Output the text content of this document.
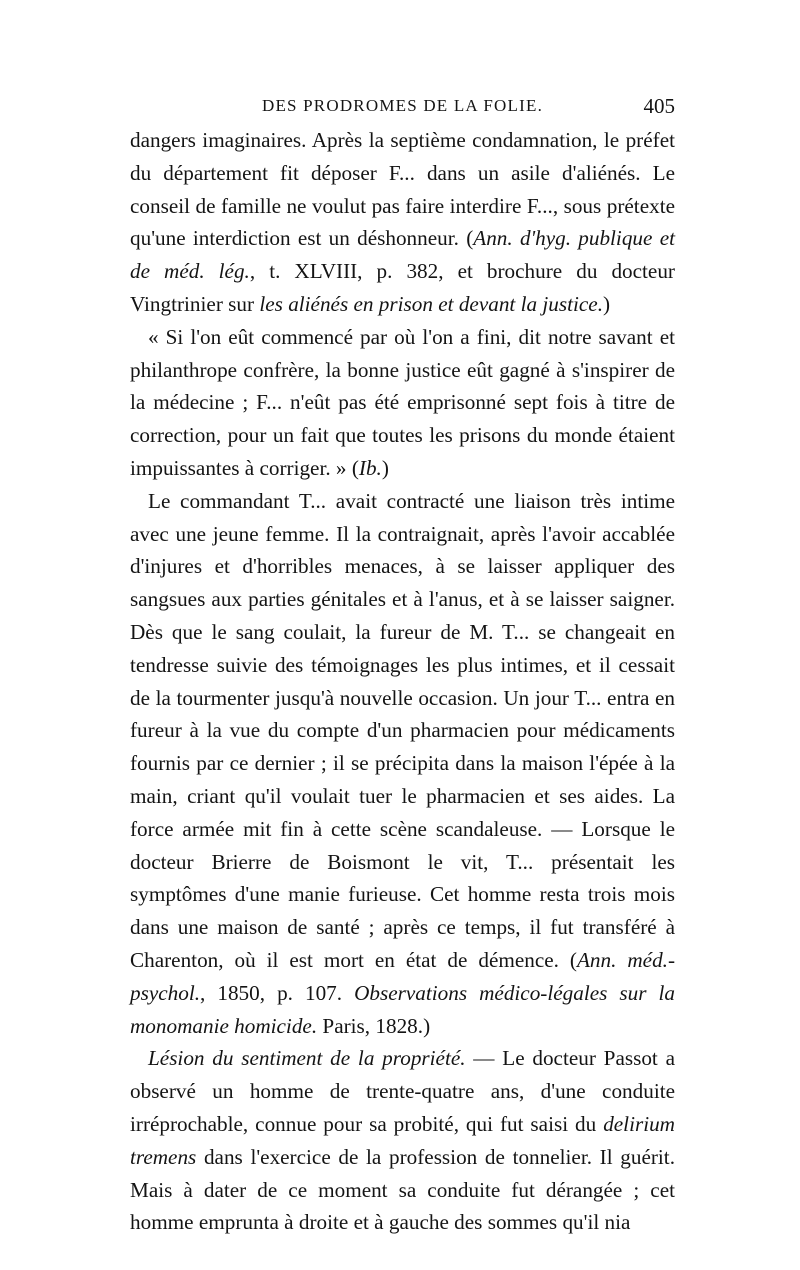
DES PRODROMES DE LA FOLIE.	405

dangers imaginaires. Après la septième condamnation, le préfet du département fit déposer F... dans un asile d'aliénés. Le conseil de famille ne voulut pas faire interdire F..., sous prétexte qu'une interdiction est un déshonneur. (Ann. d'hyg. publique et de méd. lég., t. XLVIII, p. 382, et brochure du docteur Vingtrinier sur les aliénés en prison et devant la justice.)

« Si l'on eût commencé par où l'on a fini, dit notre savant et philanthrope confrère, la bonne justice eût gagné à s'inspirer de la médecine ; F... n'eût pas été emprisonné sept fois à titre de correction, pour un fait que toutes les prisons du monde étaient impuissantes à corriger. » (Ib.)

Le commandant T... avait contracté une liaison très intime avec une jeune femme. Il la contraignait, après l'avoir accablée d'injures et d'horribles menaces, à se laisser appliquer des sangsues aux parties génitales et à l'anus, et à se laisser saigner. Dès que le sang coulait, la fureur de M. T... se changeait en tendresse suivie des témoignages les plus intimes, et il cessait de la tourmenter jusqu'à nouvelle occasion. Un jour T... entra en fureur à la vue du compte d'un pharmacien pour médicaments fournis par ce dernier ; il se précipita dans la maison l'épée à la main, criant qu'il voulait tuer le pharmacien et ses aides. La force armée mit fin à cette scène scandaleuse. — Lorsque le docteur Brierre de Boismont le vit, T... présentait les symptômes d'une manie furieuse. Cet homme resta trois mois dans une maison de santé ; après ce temps, il fut transféré à Charenton, où il est mort en état de démence. (Ann. méd.-psychol., 1850, p. 107. Observations médico-légales sur la monomanie homicide. Paris, 1828.)

Lésion du sentiment de la propriété. — Le docteur Passot a observé un homme de trente-quatre ans, d'une conduite irréprochable, connue pour sa probité, qui fut saisi du delirium tremens dans l'exercice de la profession de tonnelier. Il guérit. Mais à dater de ce moment sa conduite fut dérangée ; cet homme emprunta à droite et à gauche des sommes qu'il nia
